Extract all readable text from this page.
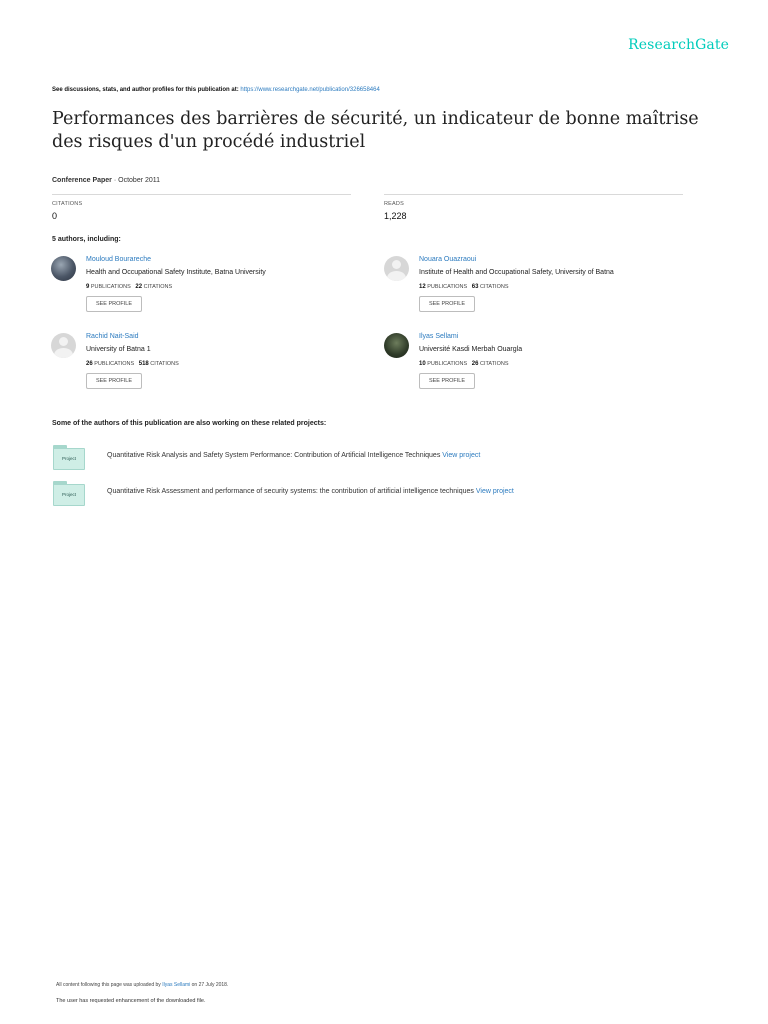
ResearchGate
See discussions, stats, and author profiles for this publication at: https://www.researchgate.net/publication/326658464
Performances des barrières de sécurité, un indicateur de bonne maîtrise des risques d'un procédé industriel
Conference Paper · October 2011
CITATIONS
0
READS
1,228
5 authors, including:
Mouloud Bourareche
Health and Occupational Safety Institute, Batna University
9 PUBLICATIONS 22 CITATIONS
SEE PROFILE
Nouara Ouazraoui
Institute of Health and Occupational Safety, University of Batna
12 PUBLICATIONS 63 CITATIONS
SEE PROFILE
Rachid Nait-Said
University of Batna 1
26 PUBLICATIONS 518 CITATIONS
SEE PROFILE
Ilyas Sellami
Université Kasdi Merbah Ouargla
10 PUBLICATIONS 26 CITATIONS
SEE PROFILE
Some of the authors of this publication are also working on these related projects:
Project	Quantitative Risk Analysis and Safety System Performance: Contribution of Artificial Intelligence Techniques View project
Project	Quantitative Risk Assessment and performance of security systems: the contribution of artificial intelligence techniques View project
All content following this page was uploaded by Ilyas Sellami on 27 July 2018.
The user has requested enhancement of the downloaded file.
